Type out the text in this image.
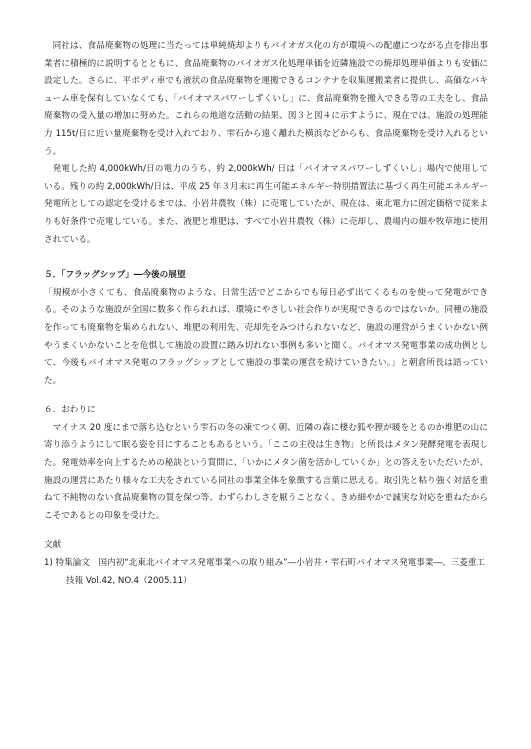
同社は、食品廃棄物の処理に当たっては単純焼却よりもバイオガス化の方が環境への配慮につながる点を排出事業者に積極的に説明するとともに、食品廃棄物のバイオガス化処理単価を近隣施設での焼却処理単価よりも安価に設定した。さらに、平ボディ車でも液状の食品廃棄物を運搬できるコンテナを収集運搬業者に提供し、高価なバキューム車を保有していなくても、「バイオマスパワーしずくいし」に、食品廃棄物を搬入できる等の工夫をし、食品廃棄物の受入量の増加に努めた。これらの地道な活動の結果、図３と図４に示すように、現在では、施設の処理能力 115t/日に近い量廃棄物を受け入れており、雫石から遠く離れた横浜などからも、食品廃棄物を受け入れるという。

発電した約 4,000kWh/日の電力のうち、約 2,000kWh/ 日は「バイオマスパワーしずくいし」場内で使用している。残りの約 2,000kWh/日は、平成 25 年３月末に再生可能エネルギー特別措置法に基づく再生可能エネルギー発電所としての認定を受けるまでは、小岩井農牧（株）に売電していたが、現在は、東北電力に固定価格で従来よりも好条件で売電している。また、液肥と堆肥は、すべて小岩井農牧（株）に売却し、農場内の畑や牧草地に使用されている。

５．「フラッグシップ」―今後の展望

「規模が小さくても、食品廃棄物のような、日常生活でどこからでも毎日必ず出てくるものを使って発電ができる。そのような施設が全国に数多く作られれば、環境にやさしい社会作りが実現できるのではないか。同種の施設を作っても廃棄物を集められない、堆肥の利用先、売却先をみつけられないなど、施設の運営がうまくいかない例やうまくいかないことを危惧して施設の設置に踏み切れない事例も多いと聞く。バイオマス発電事業の成功例として、今後もバイオマス発電のフラッグシップとして施設の事業の運営を続けていきたい。」と朝倉所長は語っていた。

６．おわりに

マイナス 20 度にまで落ち込むという雫石の冬の凍てつく朝、近隣の森に棲む狐や狸が暖をとるのか堆肥の山に寄り添うようにして眠る姿を目にすることもあるという。「ここの主役は生き物」と所長はメタン発酵発電を表現した。発電効率を向上するための秘訣という質問に、「いかにメタン菌を活かしていくか」との答えをいただいたが、施設の運営にあたり様々な工夫をされている同社の事業全体を象徴する言葉に思える。取引先と粘り強く対話を重ねて不純物のない食品廃棄物の質を保つ等、わずらわしさを厭うことなく、きめ細やかで誠実な対応を重ねたからこそであるとの印象を受けた。

文献

1) 特集論文　国内初“北東北バイオマス発電事業への取り組み”―小岩井・雫石町バイオマス発電事業―、三菱重工技報 Vol.42, NO.4（2005.11）
